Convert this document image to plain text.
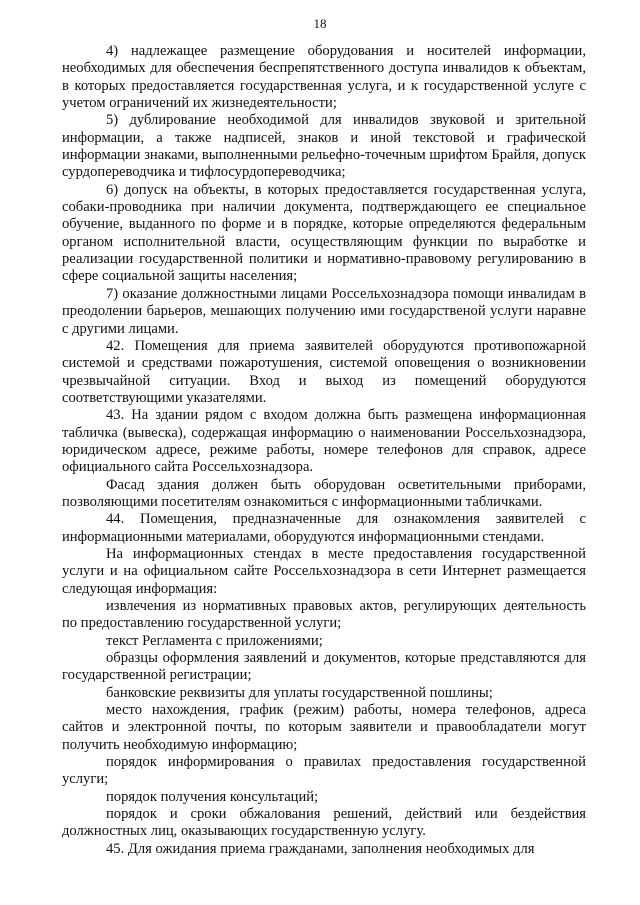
18

4) надлежащее размещение оборудования и носителей информации, необходимых для обеспечения беспрепятственного доступа инвалидов к объектам, в которых предоставляется государственная услуга, и к государственной услуге с учетом ограничений их жизнедеятельности;

5) дублирование необходимой для инвалидов звуковой и зрительной информации, а также надписей, знаков и иной текстовой и графической информации знаками, выполненными рельефно-точечным шрифтом Брайля, допуск сурдопереводчика и тифлосурдопереводчика;

6) допуск на объекты, в которых предоставляется государственная услуга, собаки-проводника при наличии документа, подтверждающего ее специальное обучение, выданного по форме и в порядке, которые определяются федеральным органом исполнительной власти, осуществляющим функции по выработке и реализации государственной политики и нормативно-правовому регулированию в сфере социальной защиты населения;

7) оказание должностными лицами Россельхознадзора помощи инвалидам в преодолении барьеров, мешающих получению ими государственой услуги наравне с другими лицами.

42. Помещения для приема заявителей оборудуются противопожарной системой и средствами пожаротушения, системой оповещения о возникновении чрезвычайной ситуации. Вход и выход из помещений оборудуются соответствующими указателями.

43. На здании рядом с входом должна быть размещена информационная табличка (вывеска), содержащая информацию о наименовании Россельхознадзора, юридическом адресе, режиме работы, номере телефонов для справок, адресе официального сайта Россельхознадзора.

Фасад здания должен быть оборудован осветительными приборами, позволяющими посетителям ознакомиться с информационными табличками.

44. Помещения, предназначенные для ознакомления заявителей с информационными материалами, оборудуются информационными стендами.

На информационных стендах в месте предоставления государственной услуги и на официальном сайте Россельхознадзора в сети Интернет размещается следующая информация:

извлечения из нормативных правовых актов, регулирующих деятельность по предоставлению государственной услуги;

текст Регламента с приложениями;

образцы оформления заявлений и документов, которые представляются для государственной регистрации;

банковские реквизиты для уплаты государственной пошлины;

место нахождения, график (режим) работы, номера телефонов, адреса сайтов и электронной почты, по которым заявители и правообладатели могут получить необходимую информацию;

порядок информирования о правилах предоставления государственной услуги;

порядок получения консультаций;

порядок и сроки обжалования решений, действий или бездействия должностных лиц, оказывающих государственную услугу.

45. Для ожидания приема гражданами, заполнения необходимых для
